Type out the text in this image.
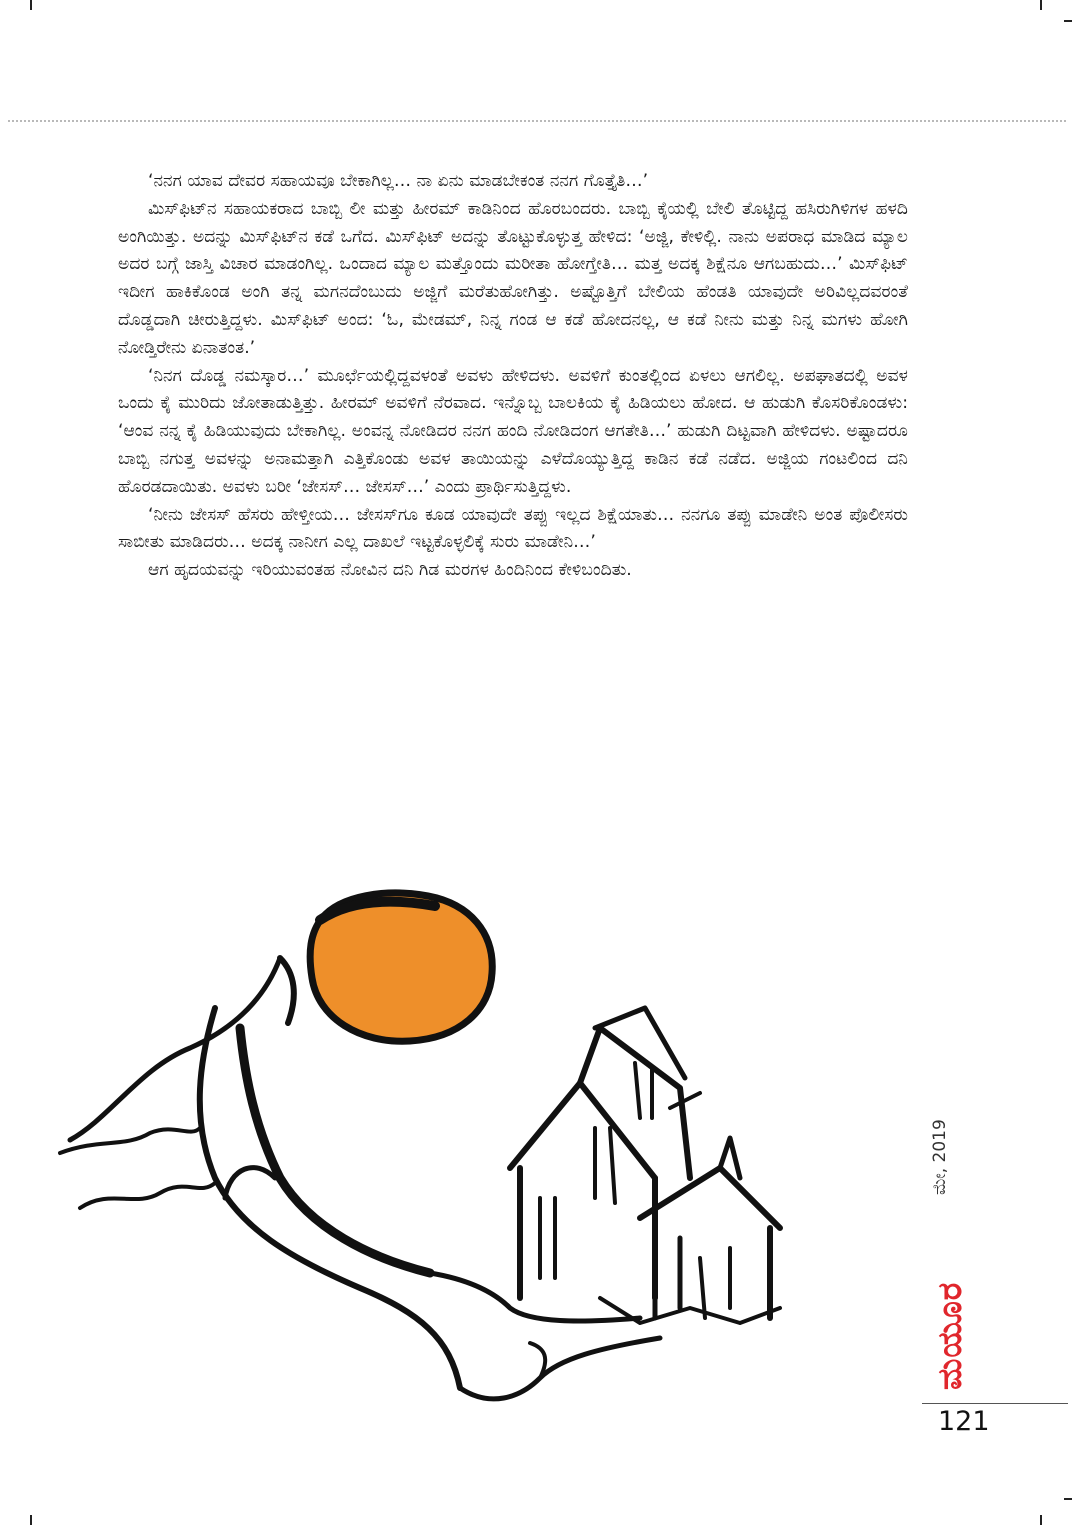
‘ನನಗ ಯಾವ ದೇವರ ಸಹಾಯವೂ ಬೇಕಾಗಿಲ್ಲ… ನಾ ಏನು ಮಾಡಬೇಕಂತ ನನಗ ಗೊತ್ತೈತಿ…’

ಮಿಸ್‌ಫಿಟ್‌ನ ಸಹಾಯಕರಾದ ಬಾಬ್ಬಿ ಲೀ ಮತ್ತು ಹೀರಮ್ ಕಾಡಿನಿಂದ ಹೊರಬಂದರು. ಬಾಬ್ಬಿ ಕೈಯಲ್ಲಿ ಬೇಲಿ ತೊಟ್ಟಿದ್ದ ಹಸಿರುಗಿಳಿಗಳ ಹಳದಿ ಅಂಗಿಯಿತ್ತು. ಅದನ್ನು ಮಿಸ್‌ಫಿಟ್‌ನ ಕಡೆ ಒಗೆದ. ಮಿಸ್‌ಫಿಟ್ ಅದನ್ನು ತೊಟ್ಟುಕೊಳ್ಳುತ್ತ ಹೇಳಿದ: ‘ಅಜ್ಜಿ, ಕೇಳಿಲ್ಲಿ. ನಾನು ಅಪರಾಧ ಮಾಡಿದ ಮ್ಯಾಲ ಅದರ ಬಗ್ಗೆ ಜಾಸ್ತಿ ವಿಚಾರ ಮಾಡಂಗಿಲ್ಲ. ಒಂದಾದ ಮ್ಯಾಲ ಮತ್ತೊಂದು ಮರೀತಾ ಹೋಗ್ತೇತಿ… ಮತ್ತ ಅದಕ್ಕ ಶಿಕ್ಷೆನೂ ಆಗಬಹುದು…’ ಮಿಸ್‌ಫಿಟ್ ಇದೀಗ ಹಾಕಿಕೊಂಡ ಅಂಗಿ ತನ್ನ ಮಗನದೆಂಬುದು ಅಜ್ಜಿಗೆ ಮರೆತುಹೋಗಿತ್ತು. ಅಷ್ಟೊತ್ತಿಗೆ ಬೇಲಿಯ ಹೆಂಡತಿ ಯಾವುದೇ ಅರಿವಿಲ್ಲದವರಂತೆ ದೊಡ್ಡದಾಗಿ ಚೀರುತ್ತಿದ್ದಳು. ಮಿಸ್‌ಫಿಟ್ ಅಂದ: ‘ಓ, ಮೇಡಮ್, ನಿನ್ನ ಗಂಡ ಆ ಕಡೆ ಹೋದನಲ್ಲ, ಆ ಕಡೆ ನೀನು ಮತ್ತು ನಿನ್ನ ಮಗಳು ಹೋಗಿ ನೋಡ್ತಿರೇನು ಏನಾತಂತ.’

‘ನಿನಗ ದೊಡ್ಡ ನಮಸ್ಕಾರ…’ ಮೂರ್ಛೆಯಲ್ಲಿದ್ದವಳಂತೆ ಅವಳು ಹೇಳಿದಳು. ಅವಳಿಗೆ ಕುಂತಲ್ಲಿಂದ ಏಳಲು ಆಗಲಿಲ್ಲ. ಅಪಘಾತದಲ್ಲಿ ಅವಳ ಒಂದು ಕೈ ಮುರಿದು ಜೋತಾಡುತ್ತಿತ್ತು. ಹೀರಮ್ ಅವಳಿಗೆ ನೆರವಾದ. ಇನ್ನೊಬ್ಬ ಬಾಲಕಿಯ ಕೈ ಹಿಡಿಯಲು ಹೋದ. ಆ ಹುಡುಗಿ ಕೊಸರಿಕೊಂಡಳು: ‘ಆಂವ ನನ್ನ ಕೈ ಹಿಡಿಯುವುದು ಬೇಕಾಗಿಲ್ಲ. ಅಂವನ್ನ ನೋಡಿದರ ನನಗ ಹಂದಿ ನೋಡಿದಂಗ ಆಗತೇತಿ…’ ಹುಡುಗಿ ದಿಟ್ಟವಾಗಿ ಹೇಳಿದಳು. ಅಷ್ಟಾದರೂ ಬಾಬ್ಬಿ ನಗುತ್ತ ಅವಳನ್ನು ಅನಾಮತ್ತಾಗಿ ಎತ್ತಿಕೊಂಡು ಅವಳ ತಾಯಿಯನ್ನು ಎಳೆದೊಯ್ಯುತ್ತಿದ್ದ ಕಾಡಿನ ಕಡೆ ನಡೆದ. ಅಜ್ಜಿಯ ಗಂಟಲಿಂದ ದನಿ ಹೊರಡದಾಯಿತು. ಅವಳು ಬರೀ ‘ಜೇಸಸ್… ಜೇಸಸ್…’ ಎಂದು ಪ್ರಾರ್ಥಿಸುತ್ತಿದ್ದಳು.

‘ನೀನು ಜೇಸಸ್ ಹೆಸರು ಹೇಳ್ತೀಯ… ಜೇಸಸ್‌ಗೂ ಕೂಡ ಯಾವುದೇ ತಪ್ಪು ಇಲ್ಲದ ಶಿಕ್ಷೆಯಾತು… ನನಗೂ ತಪ್ಪು ಮಾಡೇನಿ ಅಂತ ಪೊಲೀಸರು ಸಾಬೀತು ಮಾಡಿದರು… ಅದಕ್ಕ ನಾನೀಗ ಎಲ್ಲ ದಾಖಲೆ ಇಟ್ಟಕೊಳ್ಳಲಿಕ್ಕೆ ಸುರು ಮಾಡೇನಿ…’

ಆಗ ಹೃದಯವನ್ನು ಇರಿಯುವಂತಹ ನೋವಿನ ದನಿ ಗಿಡ ಮರಗಳ ಹಿಂದಿನಿಂದ ಕೇಳಿಬಂದಿತು.

ಮೇ, 2019
ಮಯೂರ
121
